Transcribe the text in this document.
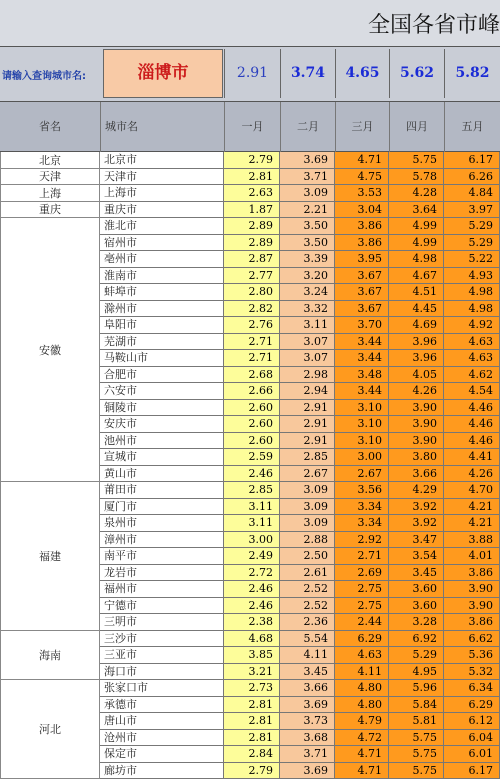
全国各省市峰
请输入查询城市名:	淄博市	2.91	3.74	4.65	5.62	5.82
省名	城市名	一月	二月	三月	四月	五月
北京	北京市	2.79	3.69	4.71	5.75	6.17
天津	天津市	2.81	3.71	4.75	5.78	6.26
上海	上海市	2.63	3.09	3.53	4.28	4.84
重庆	重庆市	1.87	2.21	3.04	3.64	3.97
安徽
淮北市	2.89	3.50	3.86	4.99	5.29
宿州市	2.89	3.50	3.86	4.99	5.29
亳州市	2.87	3.39	3.95	4.98	5.22
淮南市	2.77	3.20	3.67	4.67	4.93
蚌埠市	2.80	3.24	3.67	4.51	4.98
滁州市	2.82	3.32	3.67	4.45	4.98
阜阳市	2.76	3.11	3.70	4.69	4.92
芜湖市	2.71	3.07	3.44	3.96	4.63
马鞍山市	2.71	3.07	3.44	3.96	4.63
合肥市	2.68	2.98	3.48	4.05	4.62
六安市	2.66	2.94	3.44	4.26	4.54
铜陵市	2.60	2.91	3.10	3.90	4.46
安庆市	2.60	2.91	3.10	3.90	4.46
池州市	2.60	2.91	3.10	3.90	4.46
宣城市	2.59	2.85	3.00	3.80	4.41
黄山市	2.46	2.67	2.67	3.66	4.26
福建
莆田市	2.85	3.09	3.56	4.29	4.70
厦门市	3.11	3.09	3.34	3.92	4.21
泉州市	3.11	3.09	3.34	3.92	4.21
漳州市	3.00	2.88	2.92	3.47	3.88
南平市	2.49	2.50	2.71	3.54	4.01
龙岩市	2.72	2.61	2.69	3.45	3.86
福州市	2.46	2.52	2.75	3.60	3.90
宁德市	2.46	2.52	2.75	3.60	3.90
三明市	2.38	2.36	2.44	3.28	3.86
海南
三沙市	4.68	5.54	6.29	6.92	6.62
三亚市	3.85	4.11	4.63	5.29	5.36
海口市	3.21	3.45	4.11	4.95	5.32
河北
张家口市	2.73	3.66	4.80	5.96	6.34
承德市	2.81	3.69	4.80	5.84	6.29
唐山市	2.81	3.73	4.79	5.81	6.12
沧州市	2.81	3.68	4.72	5.75	6.04
保定市	2.84	3.71	4.71	5.75	6.01
廊坊市	2.79	3.69	4.71	5.75	6.17
